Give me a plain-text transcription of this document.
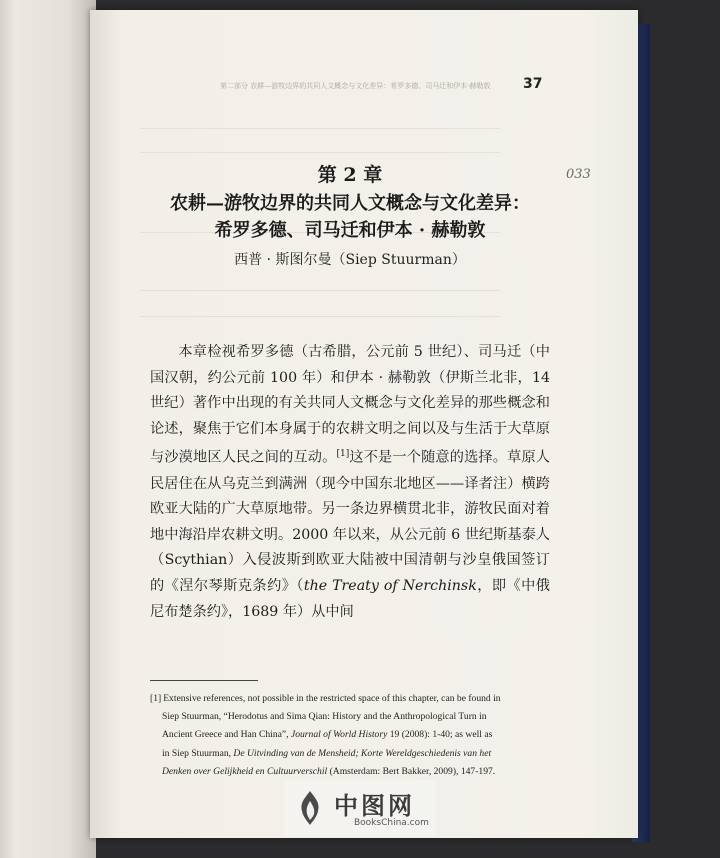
第二部分 农耕—游牧边界的共同人文概念与文化差异：希罗多德、司马迁和伊本·赫勒敦	37
033
第 2 章
农耕—游牧边界的共同人文概念与文化差异：
希罗多德、司马迁和伊本 · 赫勒敦
西普 · 斯图尔曼（Siep Stuurman）

本章检视希罗多德（古希腊，公元前 5 世纪）、司马迁（中国汉朝，约公元前 100 年）和伊本 · 赫勒敦（伊斯兰北非，14 世纪）著作中出现的有关共同人文概念与文化差异的那些概念和论述，聚焦于它们本身属于的农耕文明之间以及与生活于大草原与沙漠地区人民之间的互动。[1]这不是一个随意的选择。草原人民居住在从乌克兰到满洲（现今中国东北地区——译者注）横跨欧亚大陆的广大草原地带。另一条边界横贯北非，游牧民面对着地中海沿岸农耕文明。2000 年以来，从公元前 6 世纪斯基泰人（Scythian）入侵波斯到欧亚大陆被中国清朝与沙皇俄国签订的《涅尔琴斯克条约》（the Treaty of Nerchinsk，即《中俄尼布楚条约》，1689 年）从中间

[1] Extensive references, not possible in the restricted space of this chapter, can be found in
Siep Stuurman, “Herodotus and Sima Qian: History and the Anthropological Turn in
Ancient Greece and Han China”, Journal of World History 19 (2008): 1-40; as well as
in Siep Stuurman, De Uitvinding van de Mensheid; Korte Wereldgeschiedenis van het
Denken over Gelijkheid en Cultuurverschil (Amsterdam: Bert Bakker, 2009), 147-197.
中图网
BooksChina.com
